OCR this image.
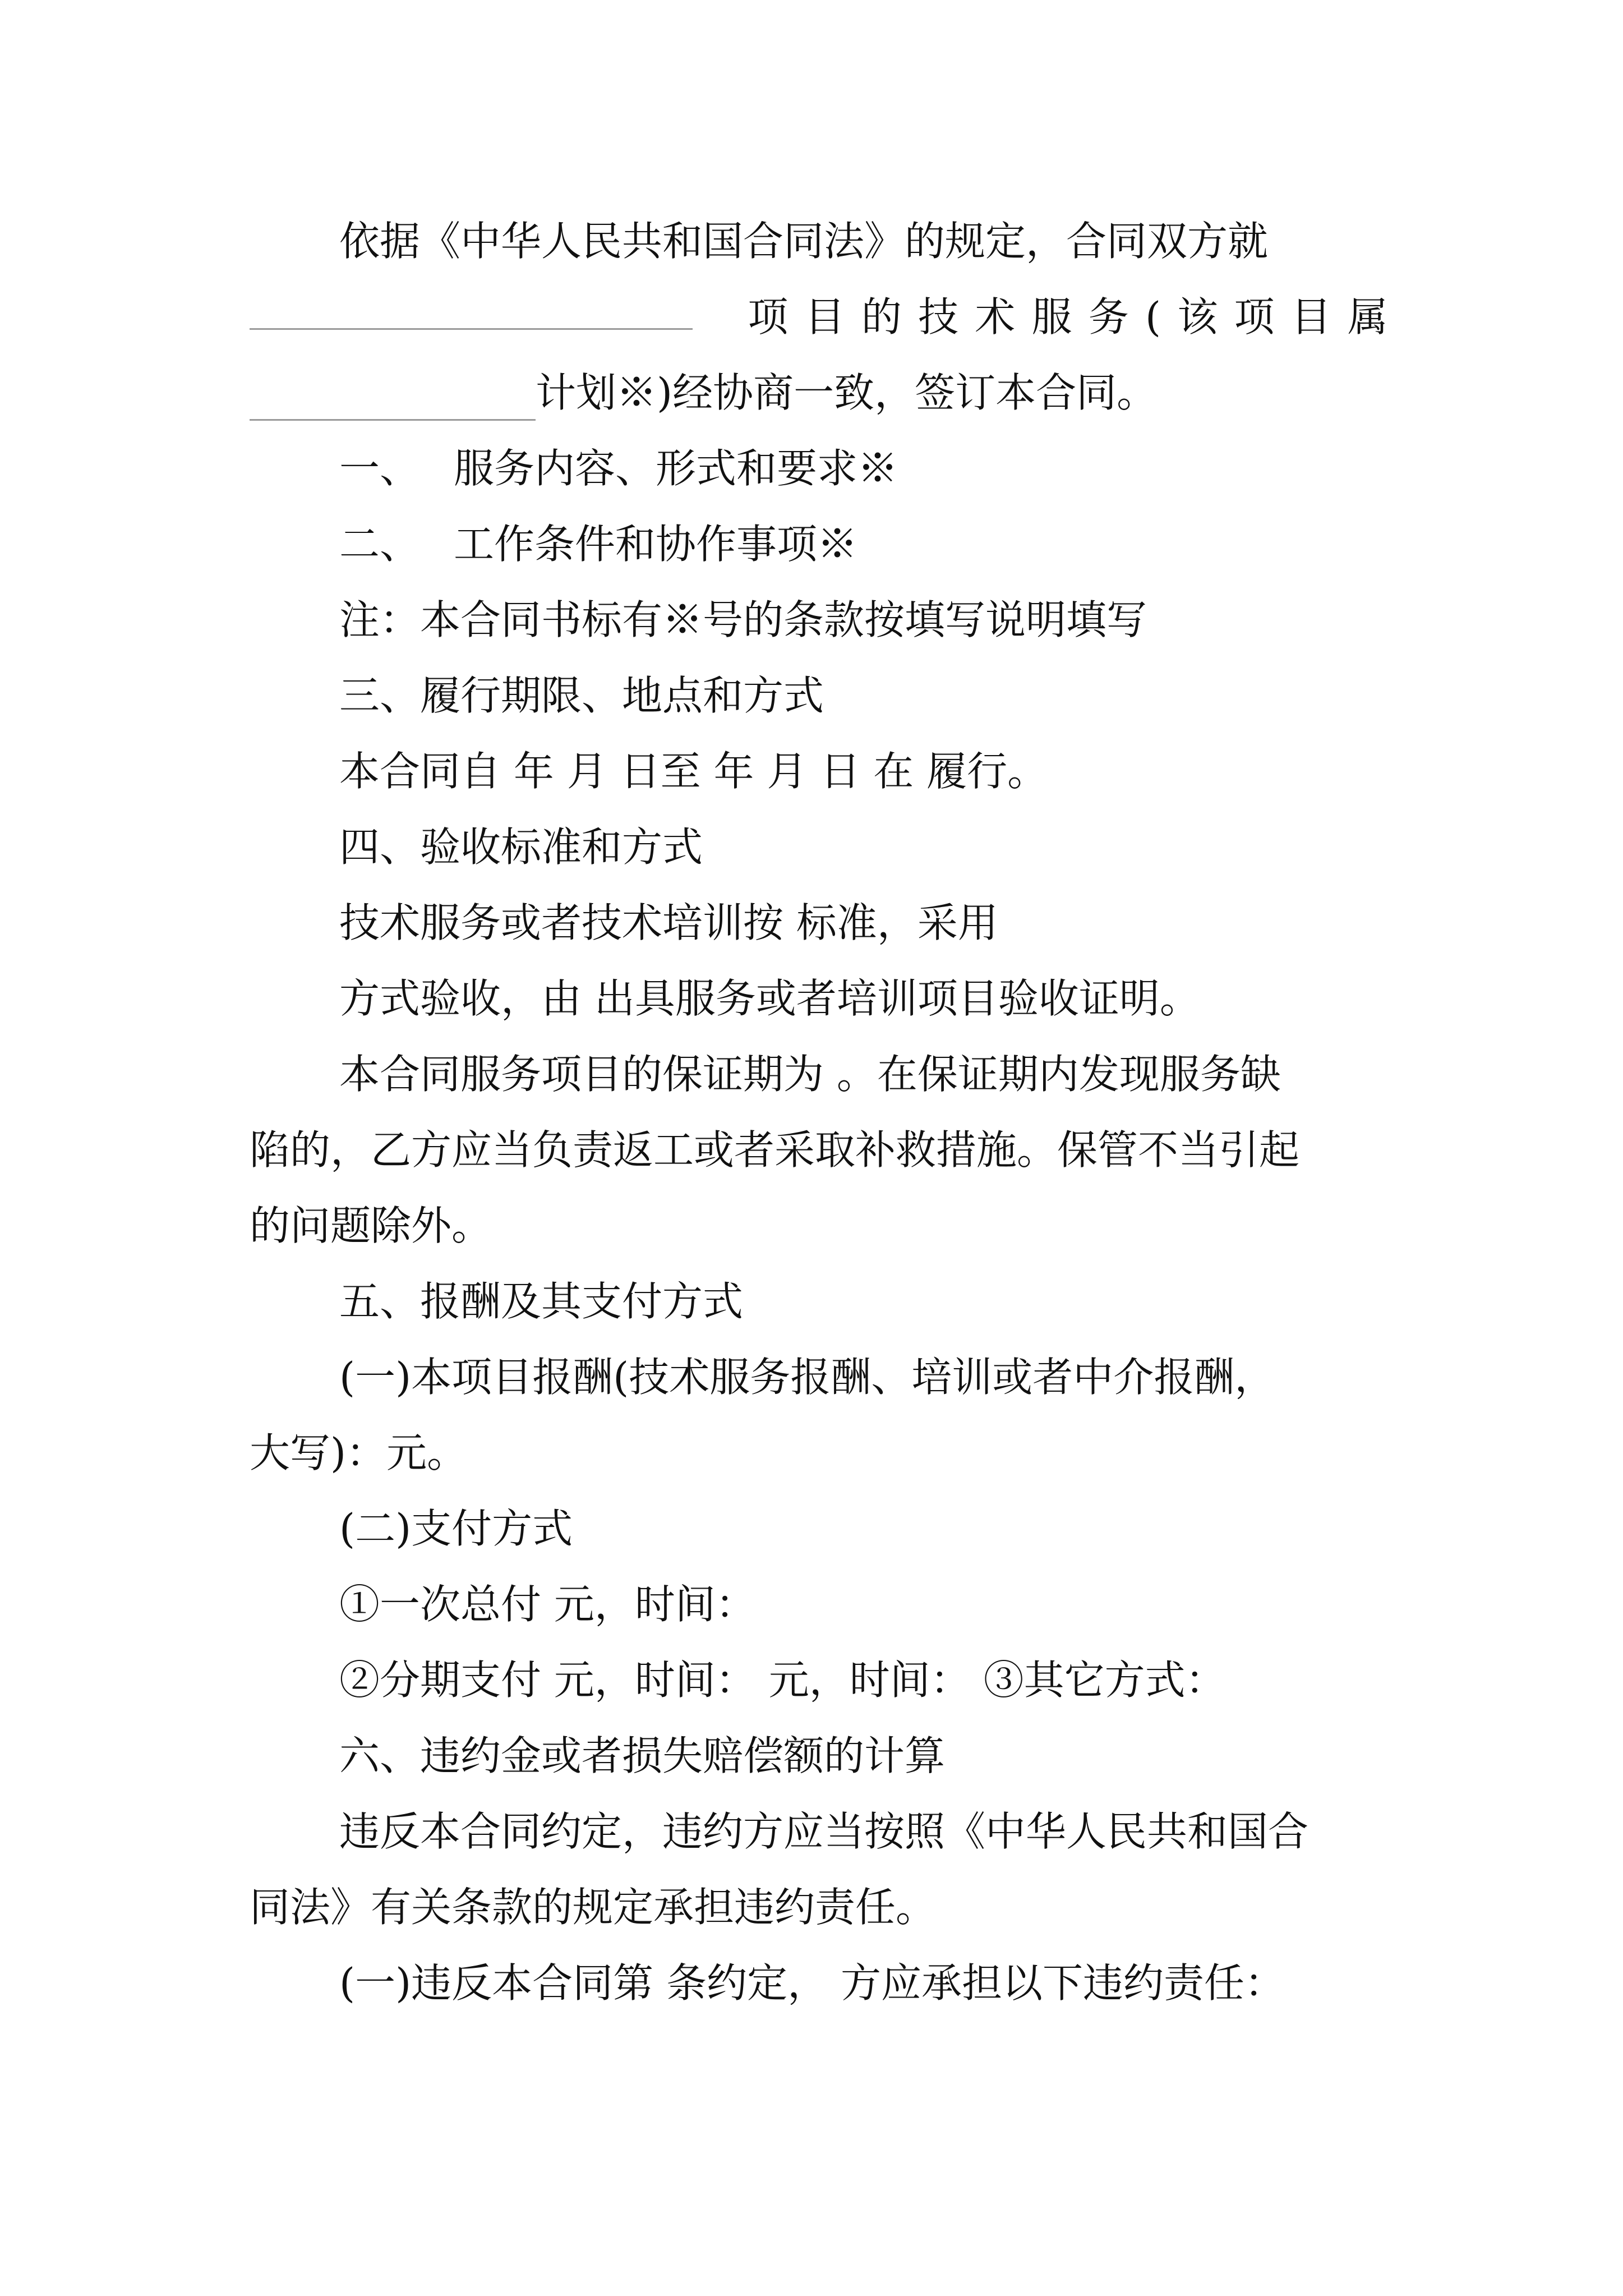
依据《中华人民共和国合同法》的规定，合同双方就
项 目 的 技 术 服 务 ( 该 项 目 属
计划※)经协商一致，签订本合同。
一、 服务内容、形式和要求※
二、 工作条件和协作事项※
注：本合同书标有※号的条款按填写说明填写
三、履行期限、地点和方式
本合同自 年 月 日至 年 月 日 在 履行。
四、验收标准和方式
技术服务或者技术培训按 标准，采用
方式验收，由 出具服务或者培训项目验收证明。
本合同服务项目的保证期为 。在保证期内发现服务缺
陷的，乙方应当负责返工或者采取补救措施。保管不当引起
的问题除外。
五、报酬及其支付方式
(一)本项目报酬(技术服务报酬、培训或者中介报酬，
大写)：元。
(二)支付方式
①一次总付 元，时间：
②分期支付 元，时间： 元，时间： ③其它方式：
六、违约金或者损失赔偿额的计算
违反本合同约定，违约方应当按照《中华人民共和国合
同法》有关条款的规定承担违约责任。
(一)违反本合同第 条约定， 方应承担以下违约责任：
